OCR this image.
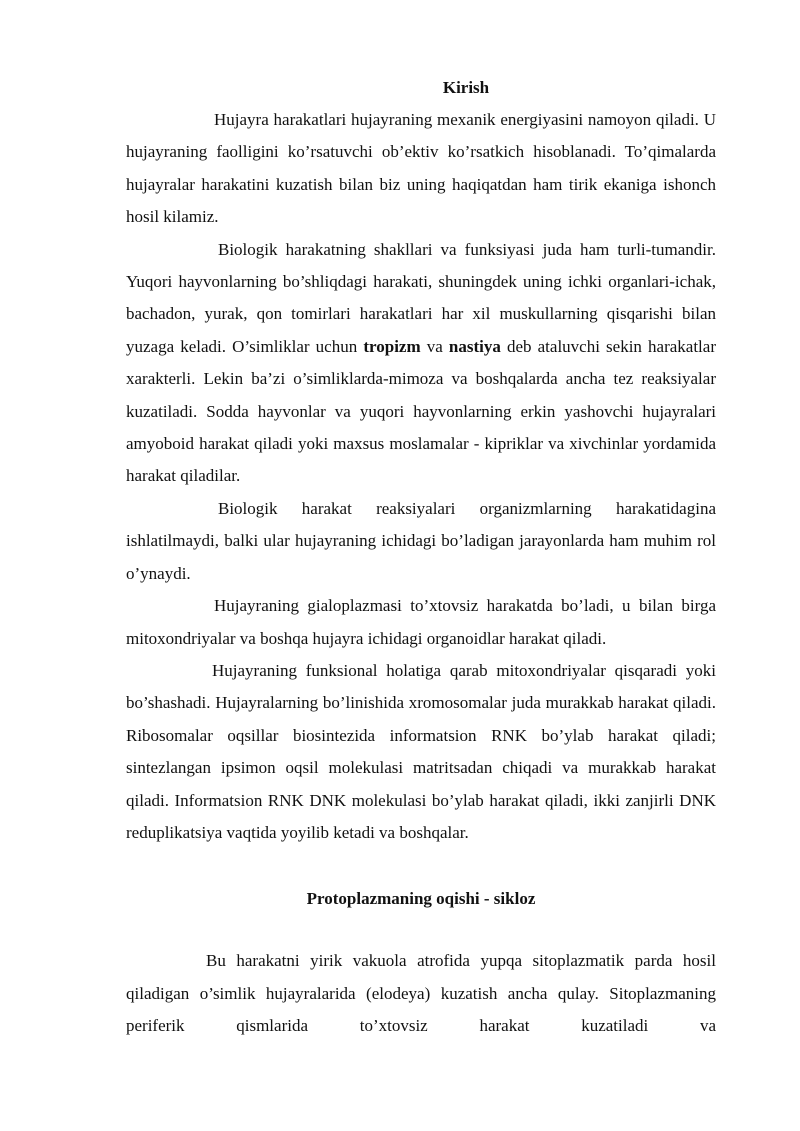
Kirish

Hujayra harakatlari hujayraning mexanik energiyasini namoyon qiladi. U hujayraning faolligini ko’rsatuvchi ob’ektiv ko’rsatkich hisoblanadi. To’qimalarda hujayralar harakatini kuzatish bilan biz uning haqiqatdan ham tirik ekaniga ishonch hosil kilamiz.

Biologik harakatning shakllari va funksiyasi juda ham turli-tumandir. Yuqori hayvonlarning bo’shliqdagi harakati, shuningdek uning ichki organlari-ichak, bachadon, yurak, qon tomirlari harakatlari har xil muskullarning qisqarishi bilan yuzaga keladi. O’simliklar uchun tropizm va nastiya deb ataluvchi sekin harakatlar xarakterli. Lekin ba’zi o’simliklarda-mimoza va boshqalarda ancha tez reaksiyalar kuzatiladi. Sodda hayvonlar va yuqori hayvonlarning erkin yashovchi hujayralari amyoboid harakat qiladi yoki maxsus moslamalar - kipriklar va xivchinlar yordamida harakat qiladilar.

Biologik harakat reaksiyalari organizmlarning harakatidagina ishlatilmaydi, balki ular hujayraning ichidagi bo’ladigan jarayonlarda ham muhim rol o’ynaydi.

Hujayraning gialoplazmasi to’xtovsiz harakatda bo’ladi, u bilan birga mitoxondriyalar va boshqa hujayra ichidagi organoidlar harakat qiladi.

Hujayraning funksional holatiga qarab mitoxondriyalar qisqaradi yoki bo’shashadi. Hujayralarning bo’linishida xromosomalar juda murakkab harakat qiladi. Ribosomalar oqsillar biosintezida informatsion RNK bo’ylab harakat qiladi; sintezlangan ipsimon oqsil molekulasi matritsadan chiqadi va murakkab harakat qiladi. Informatsion RNK DNK molekulasi bo’ylab harakat qiladi, ikki zanjirli DNK reduplikatsiya vaqtida yoyilib ketadi va boshqalar.

Protoplazmaning oqishi - sikloz

Bu harakatni yirik vakuola atrofida yupqa sitoplazmatik parda hosil qiladigan o’simlik hujayralarida (elodeya) kuzatish ancha qulay. Sitoplazmaning periferik qismlarida to’xtovsiz harakat kuzatiladi va
